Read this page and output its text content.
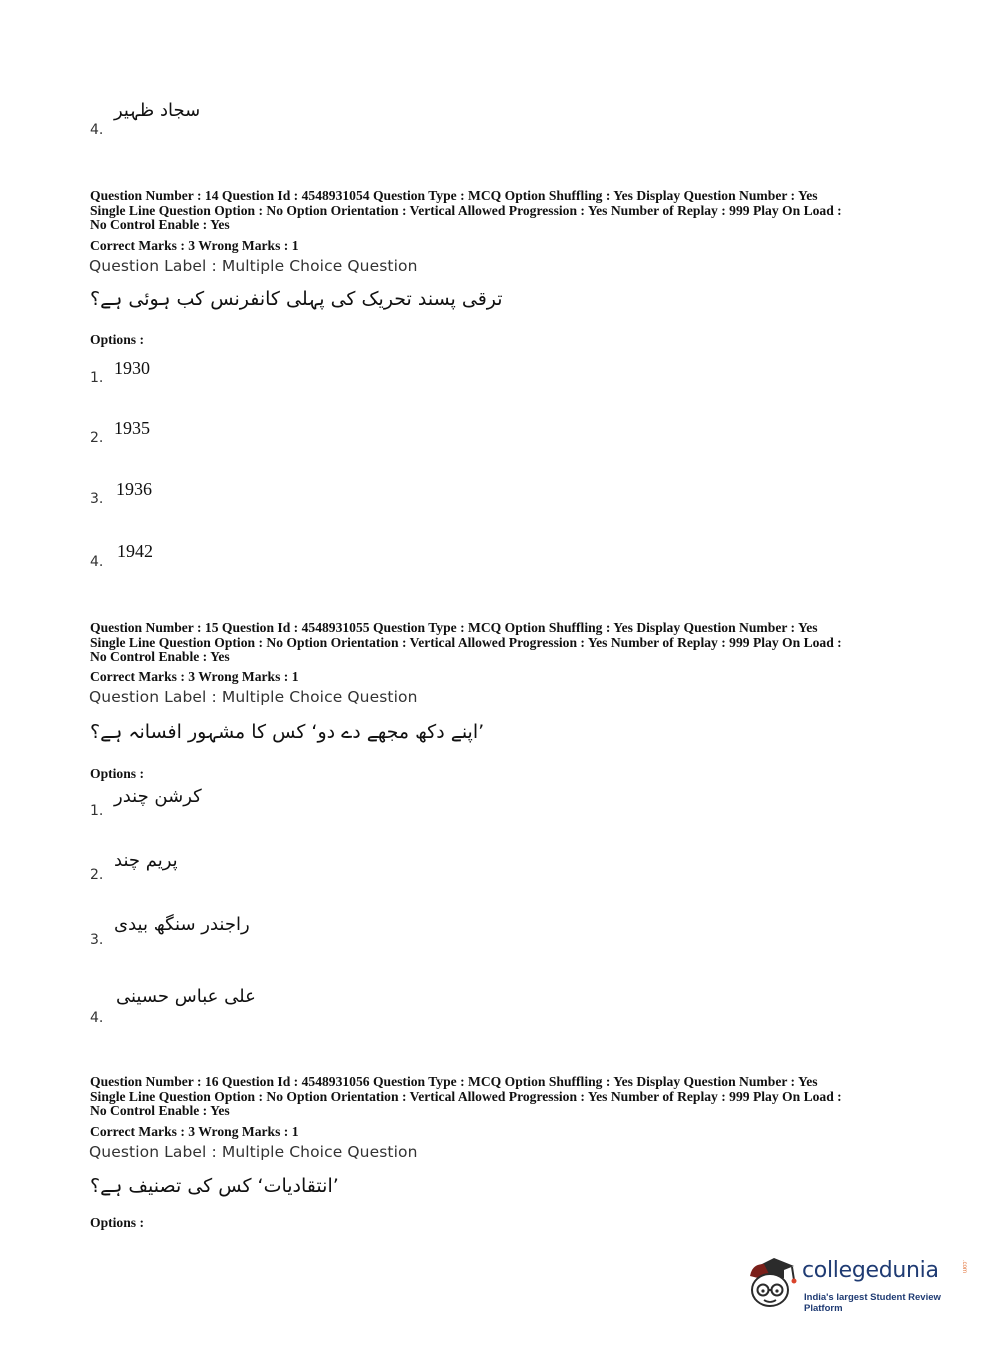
4.
سجاد ظہیر
Question Number : 14 Question Id : 4548931054 Question Type : MCQ Option Shuffling : Yes Display Question Number : Yes
Single Line Question Option : No Option Orientation : Vertical Allowed Progression : Yes Number of Replay : 999 Play On Load :
No Control Enable : Yes
Correct Marks : 3 Wrong Marks : 1
Question Label : Multiple Choice Question
ترقی پسند تحریک کی پہلی کانفرنس کب ہوئی ہے؟
Options :
1. 1930
2. 1935
3. 1936
4.
1942
Question Number : 15 Question Id : 4548931055 Question Type : MCQ Option Shuffling : Yes Display Question Number : Yes
Single Line Question Option : No Option Orientation : Vertical Allowed Progression : Yes Number of Replay : 999 Play On Load :
No Control Enable : Yes
Correct Marks : 3 Wrong Marks : 1
Question Label : Multiple Choice Question
’اپنے دکھ مجھے دے دو‘ کس کا مشہور افسانہ ہے؟
Options :
1.
کرشن چندر
2.
پریم چند
3.
راجندر سنگھ بیدی
4.
علی عباس حسینی
Question Number : 16 Question Id : 4548931056 Question Type : MCQ Option Shuffling : Yes Display Question Number : Yes
Single Line Question Option : No Option Orientation : Vertical Allowed Progression : Yes Number of Replay : 999 Play On Load :
No Control Enable : Yes
Correct Marks : 3 Wrong Marks : 1
Question Label : Multiple Choice Question
’انتقادیات‘ کس کی تصنیف ہے؟
Options :
collegedunia	.com
India's largest Student Review Platform
